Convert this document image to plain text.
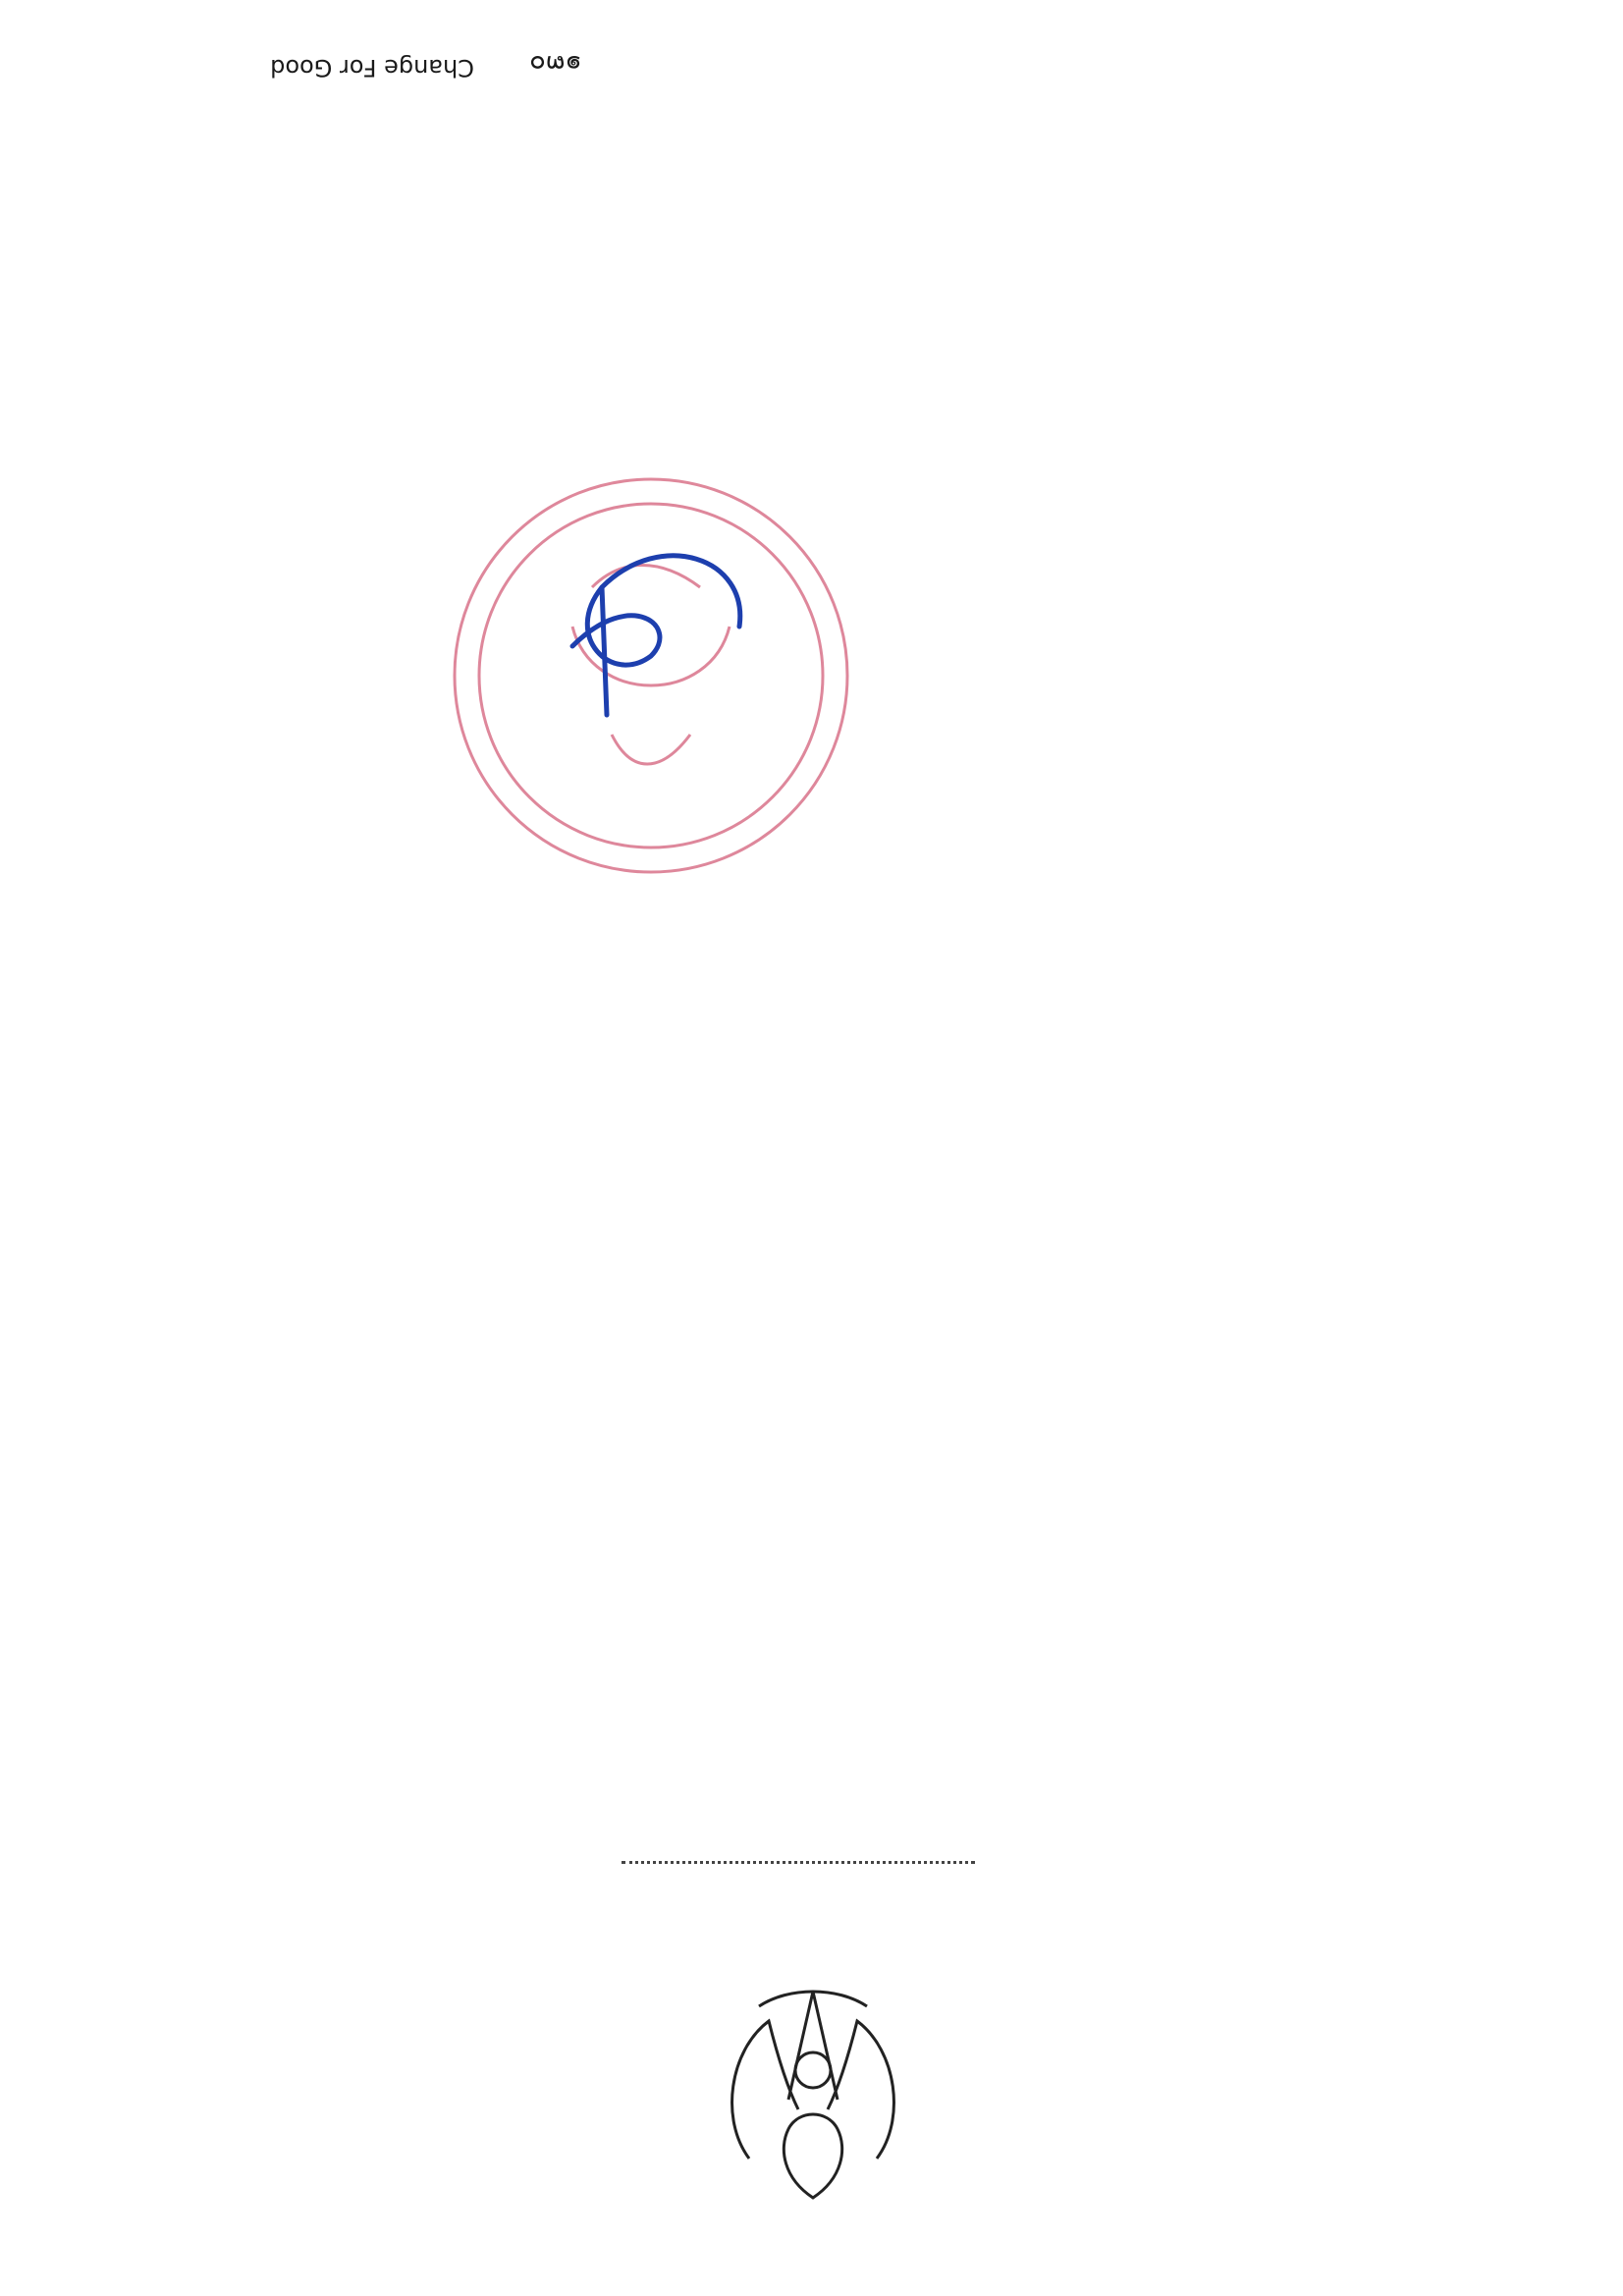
๑๓๐
Change For Good
